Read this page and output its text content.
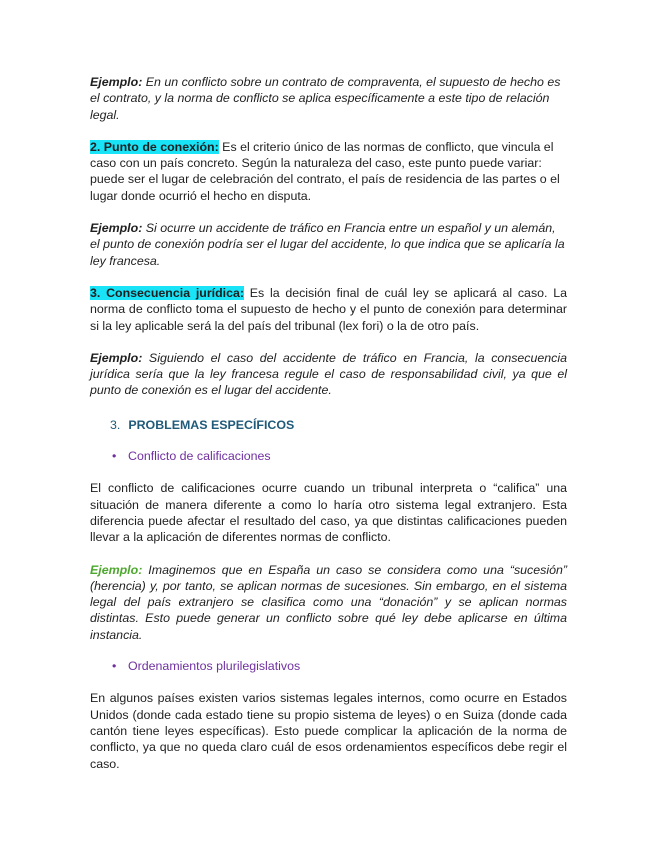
Ejemplo: En un conflicto sobre un contrato de compraventa, el supuesto de hecho es el contrato, y la norma de conflicto se aplica específicamente a este tipo de relación legal.

2. Punto de conexión: Es el criterio único de las normas de conflicto, que vincula el caso con un país concreto. Según la naturaleza del caso, este punto puede variar: puede ser el lugar de celebración del contrato, el país de residencia de las partes o el lugar donde ocurrió el hecho en disputa.

Ejemplo: Si ocurre un accidente de tráfico en Francia entre un español y un alemán, el punto de conexión podría ser el lugar del accidente, lo que indica que se aplicaría la ley francesa.

3. Consecuencia jurídica: Es la decisión final de cuál ley se aplicará al caso. La norma de conflicto toma el supuesto de hecho y el punto de conexión para determinar si la ley aplicable será la del país del tribunal (lex fori) o la de otro país.

Ejemplo: Siguiendo el caso del accidente de tráfico en Francia, la consecuencia jurídica sería que la ley francesa regule el caso de responsabilidad civil, ya que el punto de conexión es el lugar del accidente.

3. PROBLEMAS ESPECÍFICOS

• Conflicto de calificaciones

El conflicto de calificaciones ocurre cuando un tribunal interpreta o “califica” una situación de manera diferente a como lo haría otro sistema legal extranjero. Esta diferencia puede afectar el resultado del caso, ya que distintas calificaciones pueden llevar a la aplicación de diferentes normas de conflicto.

Ejemplo: Imaginemos que en España un caso se considera como una “sucesión” (herencia) y, por tanto, se aplican normas de sucesiones. Sin embargo, en el sistema legal del país extranjero se clasifica como una “donación” y se aplican normas distintas. Esto puede generar un conflicto sobre qué ley debe aplicarse en última instancia.

• Ordenamientos plurilegislativos

En algunos países existen varios sistemas legales internos, como ocurre en Estados Unidos (donde cada estado tiene su propio sistema de leyes) o en Suiza (donde cada cantón tiene leyes específicas). Esto puede complicar la aplicación de la norma de conflicto, ya que no queda claro cuál de esos ordenamientos específicos debe regir el caso.
